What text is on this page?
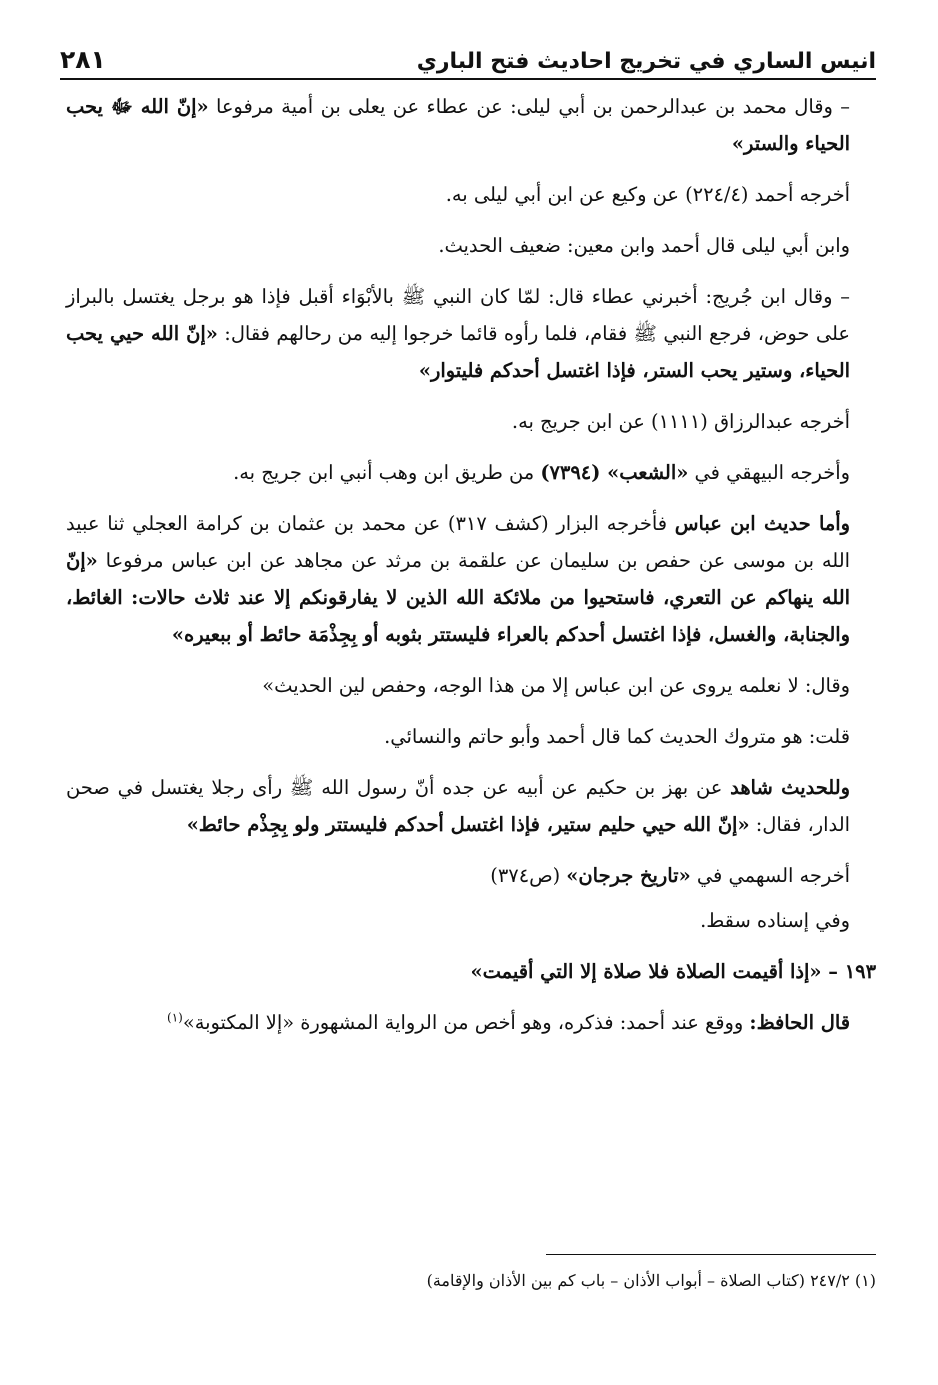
انيس الساري في تخريج احاديث فتح الباري
٢٨١

– وقال محمد بن عبدالرحمن بن أبي ليلى: عن عطاء عن يعلى بن أمية مرفوعا «إنّ الله ﷻ يحب الحياء والستر»

أخرجه أحمد (٢٢٤/٤) عن وكيع عن ابن أبي ليلى به.

وابن أبي ليلى قال أحمد وابن معين: ضعيف الحديث.

– وقال ابن جُريج: أخبرني عطاء قال: لمّا كان النبي ﷺ بالأبْوَاء أقبل فإذا هو برجل يغتسل بالبراز على حوض، فرجع النبي ﷺ فقام، فلما رأوه قائما خرجوا إليه من رحالهم فقال: «إنّ الله حيي يحب الحياء، وستير يحب الستر، فإذا اغتسل أحدكم فليتوار»

أخرجه عبدالرزاق (١١١١) عن ابن جريج به.

وأخرجه البيهقي في «الشعب» (٧٣٩٤) من طريق ابن وهب أنبي ابن جريج به.

وأما حديث ابن عباس فأخرجه البزار (كشف ٣١٧) عن محمد بن عثمان بن كرامة العجلي ثنا عبيد الله بن موسى عن حفص بن سليمان عن علقمة بن مرثد عن مجاهد عن ابن عباس مرفوعا «إنّ الله ينهاكم عن التعري، فاستحيوا من ملائكة الله الذين لا يفارقونكم إلا عند ثلاث حالات: الغائط، والجنابة، والغسل، فإذا اغتسل أحدكم بالعراء فليستتر بثوبه أو بِجِذْمَة حائط أو ببعيره»

وقال: لا نعلمه يروى عن ابن عباس إلا من هذا الوجه، وحفص لين الحديث»

قلت: هو متروك الحديث كما قال أحمد وأبو حاتم والنسائي.

وللحديث شاهد عن بهز بن حكيم عن أبيه عن جده أنّ رسول الله ﷺ رأى رجلا يغتسل في صحن الدار، فقال: «إنّ الله حيي حليم ستير، فإذا اغتسل أحدكم فليستتر ولو بِجِذْم حائط»

أخرجه السهمي في «تاريخ جرجان» (ص٣٧٤)

وفي إسناده سقط.

١٩٣ – «إذا أقيمت الصلاة فلا صلاة إلا التي أقيمت»

قال الحافظ: ووقع عند أحمد: فذكره، وهو أخص من الرواية المشهورة «إلا المكتوبة»$^{(١)}$

(١) ٢٤٧/٢ (كتاب الصلاة – أبواب الأذان – باب كم بين الأذان والإقامة)
